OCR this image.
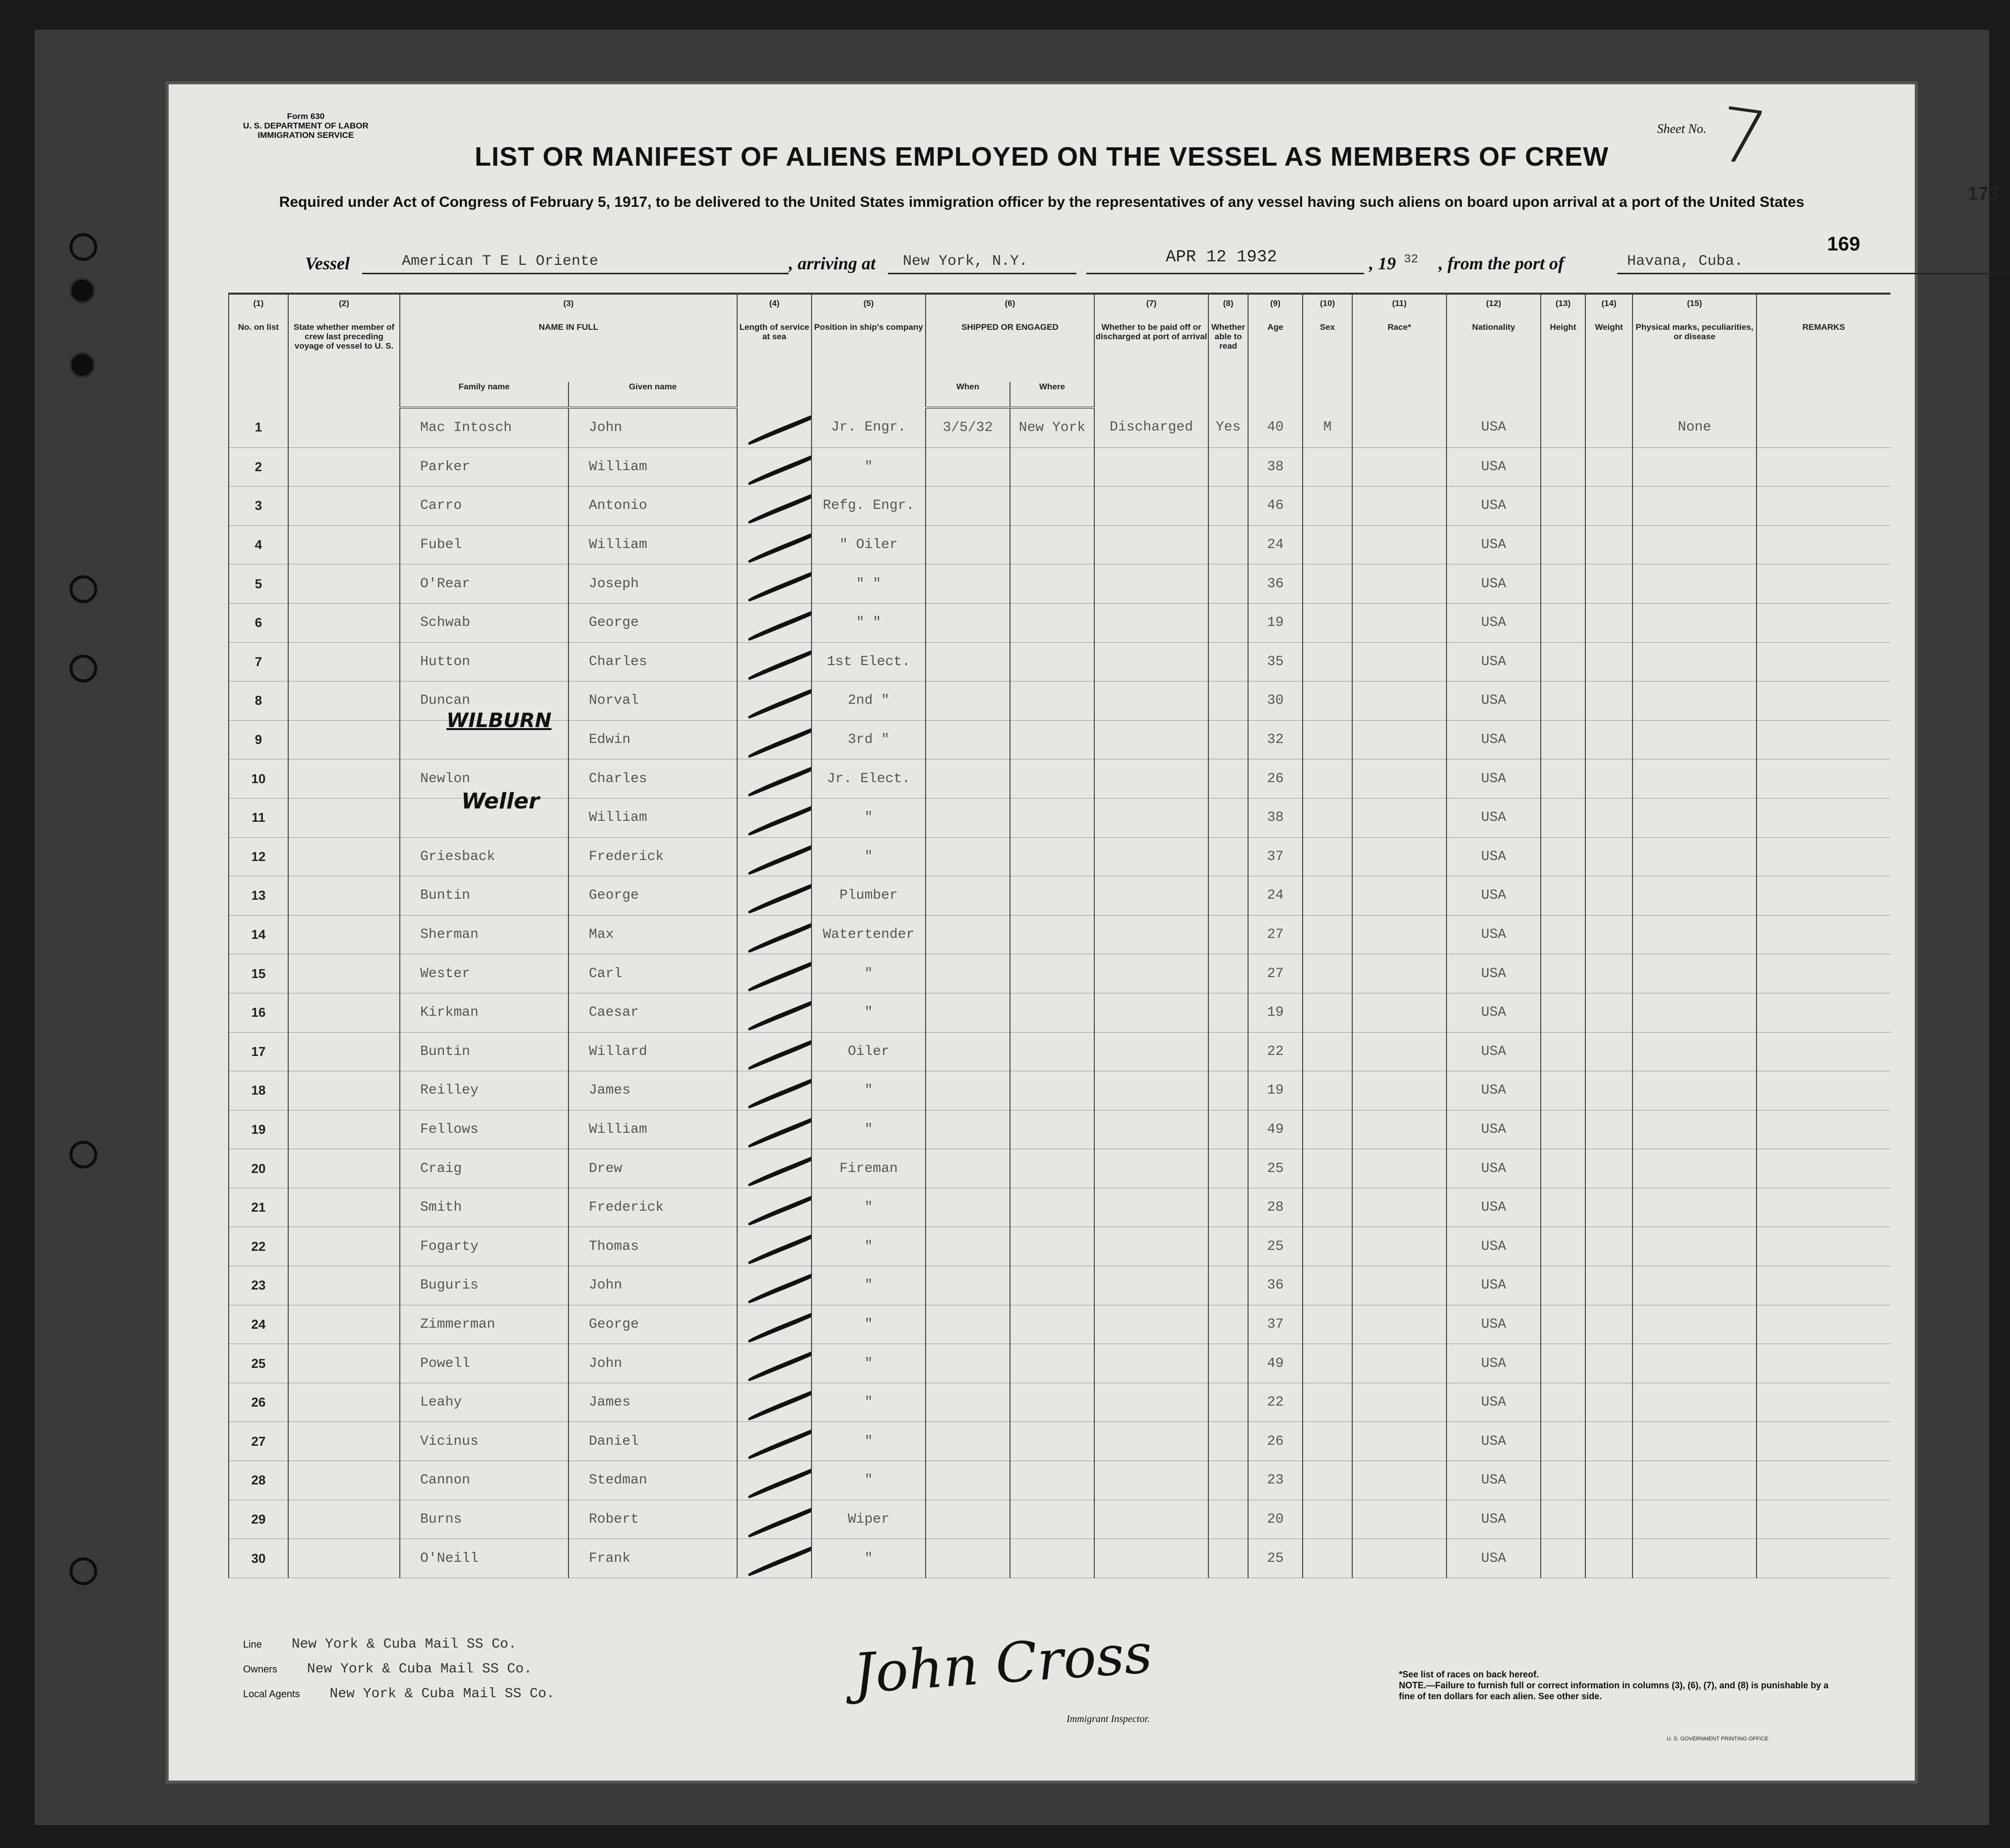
Form 630
U. S. DEPARTMENT OF LABOR
IMMIGRATION SERVICE	Sheet No. 7
173
LIST OR MANIFEST OF ALIENS EMPLOYED ON THE VESSEL AS MEMBERS OF CREW
Required under Act of Congress of February 5, 1917, to be delivered to the United States immigration officer by the representatives of any vessel having such aliens on board upon arrival at a port of the United States
Vessel	American T E L Oriente	, arriving at New York, N.Y.	APR 12 1932	, 19 32 , from the port of	Havana, Cuba.
169
(1)	(2)	(3)		(4)	(5)	(6)		(7)	(8)	(9)	(10)	(11)	(12)	(13)	(14)	(15)	
No. on list	State whether member of crew last preceding voyage of vessel to U. S.	NAME IN FULL		Length of service at sea	Position in ship's company	SHIPPED OR ENGAGED		Whether to be paid off or discharged at port of arrival	Whether able to read	Age	Sex	Race*	Nationality	Height	Weight	Physical marks, peculiarities, or disease	REMARKS
		Family name	Given name			When	Where										
1		Mac Intosch	John		Jr. Engr.	3/5/32	New York	Discharged	Yes	40	M		USA			None	
2		Parker	William		"					38			USA				
3		Carro	Antonio		Refg. Engr.					46			USA				
4		Fubel	William		" Oiler					24			USA				
5		O'Rear	Joseph		" "					36			USA				
6		Schwab	George		" "					19			USA				
7		Hutton	Charles		1st Elect.					35			USA				
8		Duncan	Norval		2nd "					30			USA				
9			Edwin		3rd "					32			USA				
10		Newlon	Charles		Jr. Elect.					26			USA				
11			William		"					38			USA				
12		Griesback	Frederick		"					37			USA				
13		Buntin	George		Plumber					24			USA				
14		Sherman	Max		Watertender					27			USA				
15		Wester	Carl		"					27			USA				
16		Kirkman	Caesar		"					19			USA				
17		Buntin	Willard		Oiler					22			USA				
18		Reilley	James		"					19			USA				
19		Fellows	William		"					49			USA				
20		Craig	Drew		Fireman					25			USA				
21		Smith	Frederick		"					28			USA				
22		Fogarty	Thomas		"					25			USA				
23		Buguris	John		"					36			USA				
24		Zimmerman	George		"					37			USA				
25		Powell	John		"					49			USA				
26		Leahy	James		"					22			USA				
27		Vicinus	Daniel		"					26			USA				
28		Cannon	Stedman		"					23			USA				
29		Burns	Robert		Wiper					20			USA				
30		O'Neill	Frank		"					25			USA				
WILBURN
Weller
Line New York & Cuba Mail SS Co.
Owners New York & Cuba Mail SS Co.
Local Agents New York & Cuba Mail SS Co.	John Cross
Immigrant Inspector.
*See list of races on back hereof.
NOTE.—Failure to furnish full or correct information in columns (3), (6), (7), and (8) is punishable by a fine of ten dollars for each alien. See other side.
U. S. GOVERNMENT PRINTING OFFICE
